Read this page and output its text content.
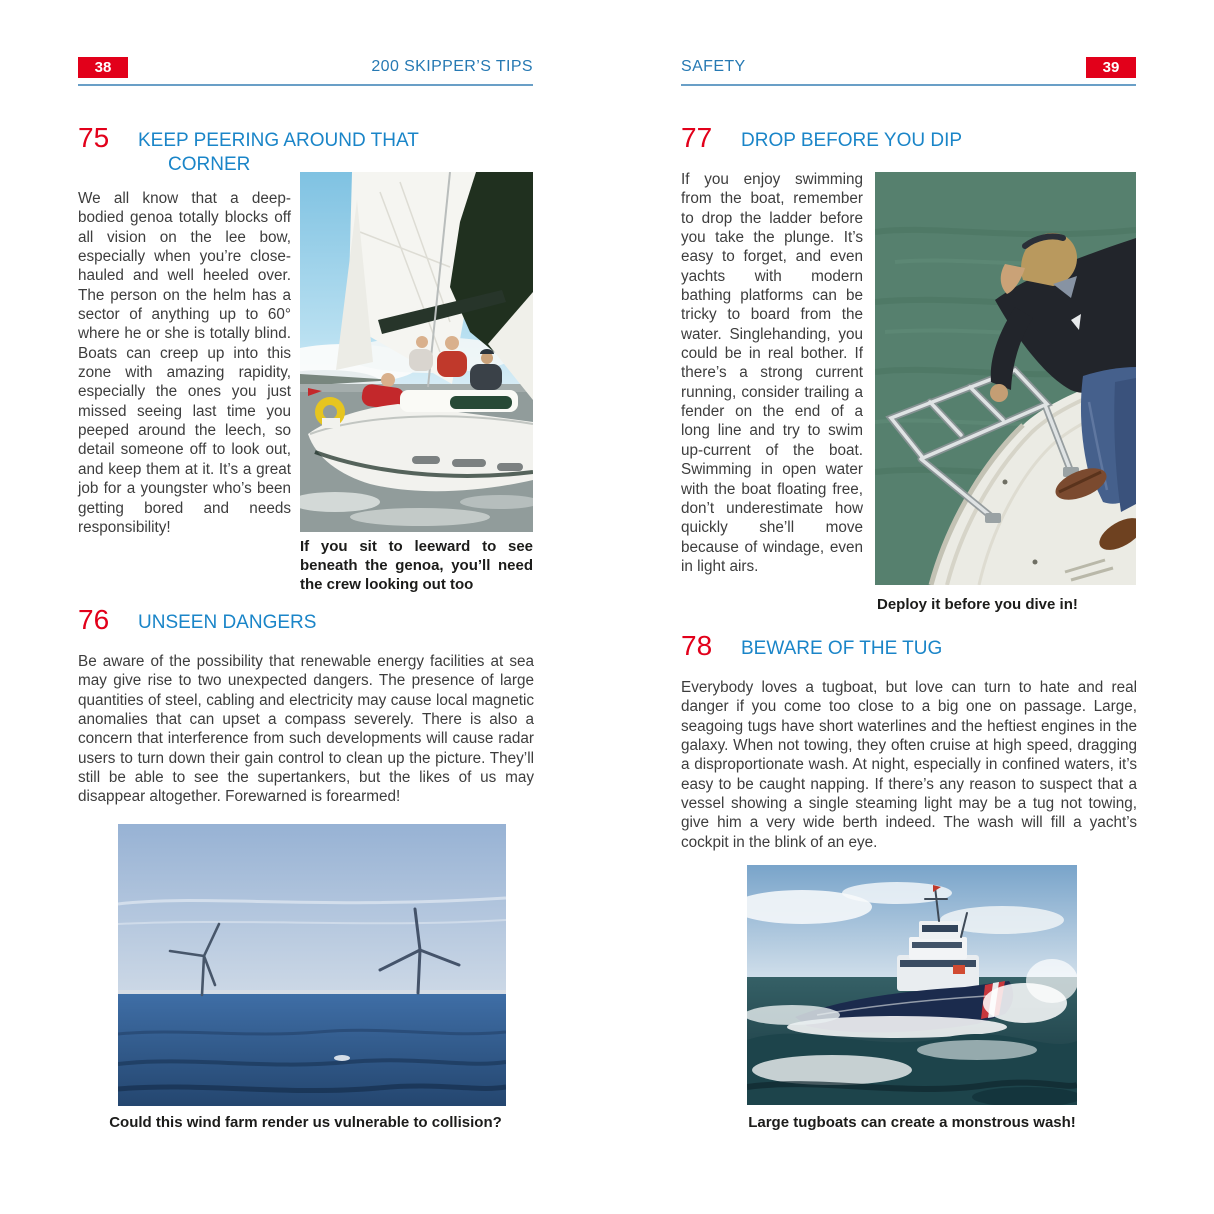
38	200 SKIPPER’S TIPS
75 KEEP PEERING AROUND THAT CORNER
We all know that a deep-bodied genoa totally blocks off all vision on the lee bow, especially when you’re close-hauled and well heeled over. The person on the helm has a sector of anything up to 60° where he or she is totally blind. Boats can creep up into this zone with amazing rapidity, especially the ones you just missed seeing last time you peeped around the leech, so detail someone off to look out, and keep them at it. It’s a great job for a youngster who’s been getting bored and needs responsibility!
If you sit to leeward to see beneath the genoa, you’ll need the crew looking out too
76 UNSEEN DANGERS
Be aware of the possibility that renewable energy facilities at sea may give rise to two unexpected dangers. The presence of large quantities of steel, cabling and electricity may cause local magnetic anomalies that can upset a compass severely. There is also a concern that interference from such developments will cause radar users to turn down their gain control to clean up the picture. They’ll still be able to see the supertankers, but the likes of us may disappear altogether. Forewarned is forearmed!
Could this wind farm render us vulnerable to collision?
SAFETY	39
77 DROP BEFORE YOU DIP
If you enjoy swimming from the boat, remember to drop the ladder before you take the plunge. It’s easy to forget, and even yachts with modern bathing platforms can be tricky to board from the water. Singlehanding, you could be in real bother. If there’s a strong current running, consider trailing a fender on the end of a long line and try to swim up-current of the boat. Swimming in open water with the boat floating free, don’t underestimate how quickly she’ll move because of windage, even in light airs.
Deploy it before you dive in!
78 BEWARE OF THE TUG
Everybody loves a tugboat, but love can turn to hate and real danger if you come too close to a big one on passage. Large, seagoing tugs have short waterlines and the heftiest engines in the galaxy. When not towing, they often cruise at high speed, dragging a disproportionate wash. At night, especially in confined waters, it’s easy to be caught napping. If there’s any reason to suspect that a vessel showing a single steaming light may be a tug not towing, give him a very wide berth indeed. The wash will fill a yacht’s cockpit in the blink of an eye.
Large tugboats can create a monstrous wash!
